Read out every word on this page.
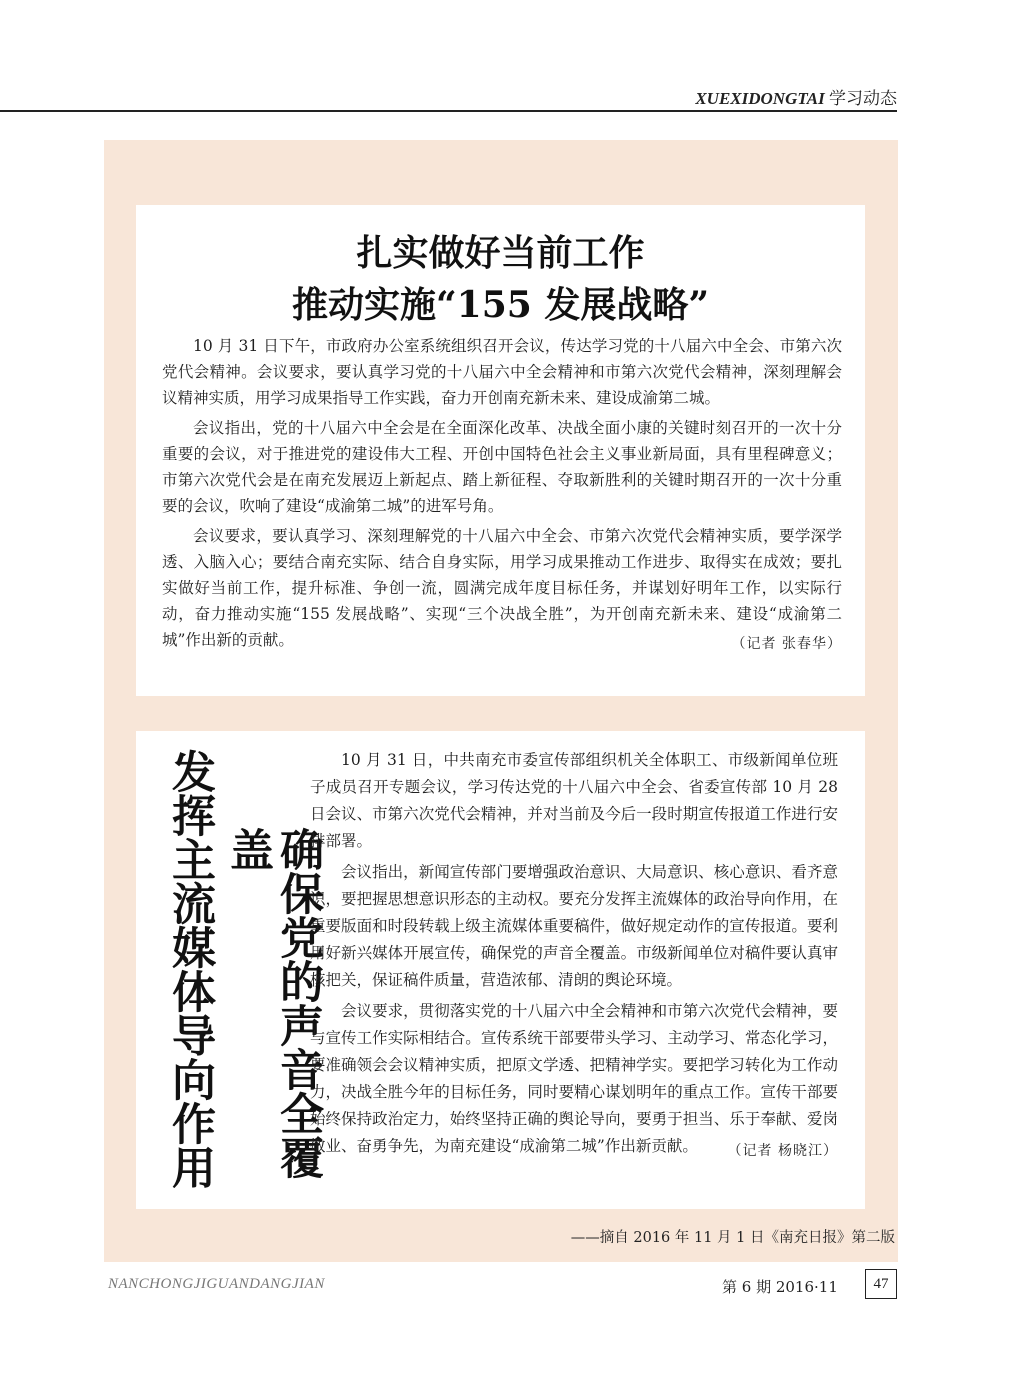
XUEXIDONGTAI 学习动态
扎实做好当前工作
推动实施“155 发展战略”

10 月 31 日下午，市政府办公室系统组织召开会议，传达学习党的十八届六中全会、市第六次党代会精神。会议要求，要认真学习党的十八届六中全会精神和市第六次党代会精神，深刻理解会议精神实质，用学习成果指导工作实践，奋力开创南充新未来、建设成渝第二城。

会议指出，党的十八届六中全会是在全面深化改革、决战全面小康的关键时刻召开的一次十分重要的会议，对于推进党的建设伟大工程、开创中国特色社会主义事业新局面，具有里程碑意义；市第六次党代会是在南充发展迈上新起点、踏上新征程、夺取新胜利的关键时期召开的一次十分重要的会议，吹响了建设“成渝第二城”的进军号角。

会议要求，要认真学习、深刻理解党的十八届六中全会、市第六次党代会精神实质，要学深学透、入脑入心；要结合南充实际、结合自身实际，用学习成果推动工作进步、取得实在成效；要扎实做好当前工作，提升标准、争创一流，圆满完成年度目标任务，并谋划好明年工作，以实际行动，奋力推动实施“155 发展战略”、实现“三个决战全胜”，为开创南充新未来、建设“成渝第二城”作出新的贡献。	（记者 张春华）
发挥主流媒体导向作用	确保党的声音全覆盖

10 月 31 日，中共南充市委宣传部组织机关全体职工、市级新闻单位班子成员召开专题会议，学习传达党的十八届六中全会、省委宣传部 10 月 28 日会议、市第六次党代会精神，并对当前及今后一段时期宣传报道工作进行安排部署。

会议指出，新闻宣传部门要增强政治意识、大局意识、核心意识、看齐意识，要把握思想意识形态的主动权。要充分发挥主流媒体的政治导向作用，在重要版面和时段转载上级主流媒体重要稿件，做好规定动作的宣传报道。要利用好新兴媒体开展宣传，确保党的声音全覆盖。市级新闻单位对稿件要认真审核把关，保证稿件质量，营造浓郁、清朗的舆论环境。

会议要求，贯彻落实党的十八届六中全会精神和市第六次党代会精神，要与宣传工作实际相结合。宣传系统干部要带头学习、主动学习、常态化学习，要准确领会会议精神实质，把原文学透、把精神学实。要把学习转化为工作动力，决战全胜今年的目标任务，同时要精心谋划明年的重点工作。宣传干部要始终保持政治定力，始终坚持正确的舆论导向，要勇于担当、乐于奉献、爱岗敬业、奋勇争先，为南充建设“成渝第二城”作出新贡献。	（记者 杨晓江）
——摘自 2016 年 11 月 1 日《南充日报》第二版
NANCHONGJIGUANDANGJIAN	第 6 期 2016·11	47
